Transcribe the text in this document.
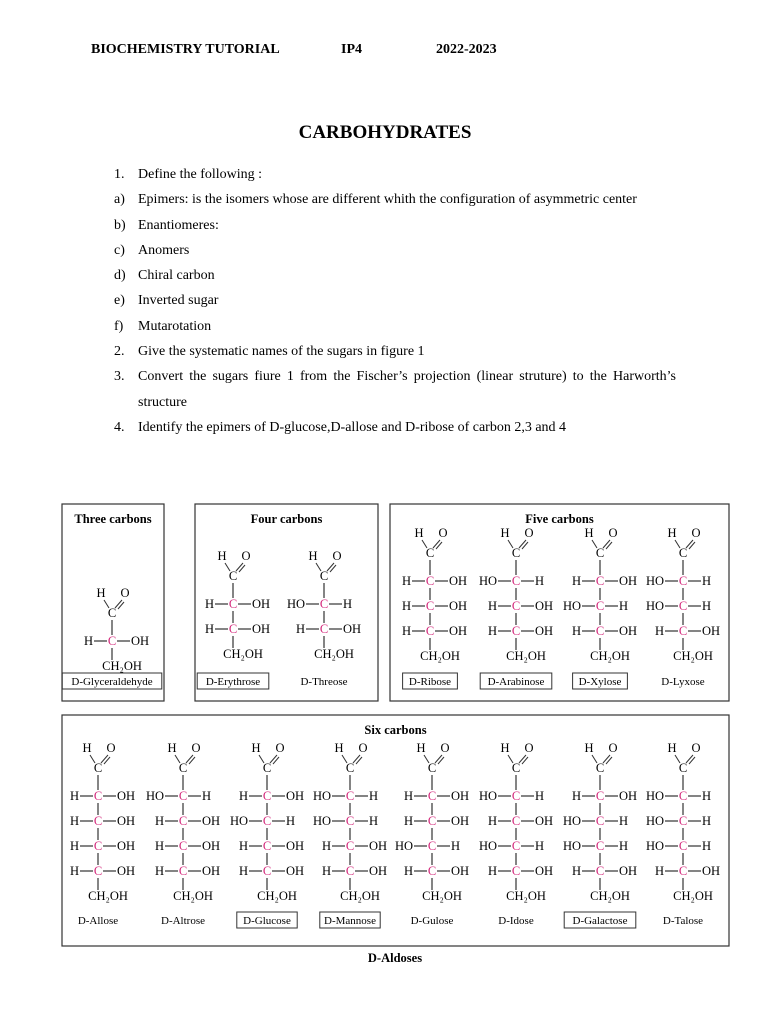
BIOCHEMISTRY TUTORIAL	IP4	2022-2023
CARBOHYDRATES
1. Define the following :
a) Epimers: is the isomers whose are different whith the configuration of asymmetric center
b) Enantiomeres:
c) Anomers
d) Chiral carbon
e) Inverted sugar
f)	Mutarotation
2. Give the systematic names of the sugars in figure 1
3. Convert the sugars fiure 1 from the Fischer’s projection (linear struture) to the Harworth’s structure
4. Identify the epimers of D-glucose,D-allose and D-ribose of carbon 2,3 and 4
Three carbons
H O
C
C
H	OH
CH₂OH
D-Glyceraldehyde
Four carbons
H O
C
C
H	OH
C
H	OH
CH₂OH
D-Erythrose
H O
C
C
HO	H
C
H	OH
CH₂OH
D-Threose
Five carbons
H O
C
C
H	OH
C
H	OH
C
H	OH
CH₂OH
D-Ribose
H O
C
C
HO	H
C
H	OH
C
H	OH
CH₂OH
D-Arabinose
H O
C
C
H	OH
C
HO	H
C
H	OH
CH₂OH
D-Xylose
H O
C
C
HO	H
C
HO	H
C
H	OH
CH₂OH
D-Lyxose
Six carbons
H O
C
C
H	OH
C
H	OH
C
H	OH
C
H	OH
CH₂OH
D-Allose
H O
C
C
HO	H
C
H	OH
C
H	OH
C
H	OH
CH₂OH
D-Altrose
H O
C
C
H	OH
C
HO	H
C
H	OH
C
H	OH
CH₂OH
D-Glucose
H O
C
C
HO	H
C
HO	H
C
H	OH
C
H	OH
CH₂OH
D-Mannose
H O
C
C
H	OH
C
H	OH
C
HO	H
C
H	OH
CH₂OH
D-Gulose
H O
C
C
HO	H
C
H	OH
C
HO	H
C
H	OH
CH₂OH
D-Idose
H O
C
C
H	OH
C
HO	H
C
HO	H
C
H	OH
CH₂OH
D-Galactose
H O
C
C
HO	H
C
HO	H
C
HO	H
C
H	OH
CH₂OH
D-Talose
D-Aldoses
